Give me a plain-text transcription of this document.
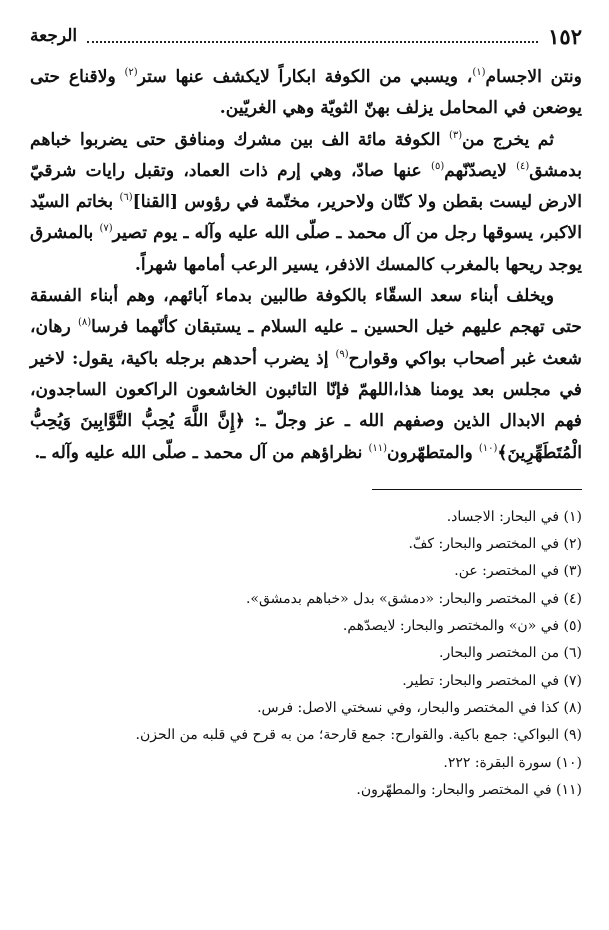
١٥٢
الرجعة

ونتن الاجسام$^{(١)}$، ويسبي من الكوفة ابكاراً لايكشف عنها ستر$^{(٢)}$ ولاقناع حتى يوضعن في المحامل يزلف بهنّ الثويّة وهي الغريّين.

ثم يخرج من$^{(٣)}$ الكوفة مائة الف بين مشرك ومنافق حتى يضربوا خباهم بدمشق$^{(٤)}$ لايصدّنّهم$^{(٥)}$ عنها صادّ، وهي إرم ذات العماد، وتقبل رايات شرقيّ الارض ليست بقطن ولا كتّان ولاحرير، مختّمة في رؤوس [القنا]$^{(٦)}$ بخاتم السيّد الاكبر، يسوقها رجل من آل محمد ـ صلّى الله عليه وآله ـ يوم تصير$^{(٧)}$ بالمشرق يوجد ريحها بالمغرب كالمسك الاذفر، يسير الرعب أمامها شهراً.

ويخلف أبناء سعد السقّاء بالكوفة طالبين بدماء آبائهم، وهم أبناء الفسقة حتى تهجم عليهم خيل الحسين ـ عليه السلام ـ يستبقان كأنّهما فرسا$^{(٨)}$ رهان، شعث غبر أصحاب بواكي وقوارح$^{(٩)}$ إذ يضرب أحدهم برجله باكية، يقول: لاخير في مجلس بعد يومنا هذا،اللهمّ فإنّا التائبون الخاشعون الراكعون الساجدون، فهم الابدال الذين وصفهم الله ـ عز وجلّ ـ: ﴿إِنَّ اللَّهَ يُحِبُّ التَّوَّابِينَ وَيُحِبُّ الْمُتَطَهِّرِينَ﴾$^{(١٠)}$ والمتطهّرون$^{(١١)}$ نظراؤهم من آل محمد ـ صلّى الله عليه وآله ـ.

(١) في البحار: الاجساد.

(٢) في المختصر والبحار: كفّ.

(٣) في المختصر: عن.

(٤) في المختصر والبحار: «دمشق» بدل «خباهم بدمشق».

(٥) في «ن» والمختصر والبحار: لايصدّهم.

(٦) من المختصر والبحار.

(٧) في المختصر والبحار: تطير.

(٨) كذا في المختصر والبحار، وفي نسختي الاصل: فرس.

(٩) البواكي: جمع باكية. والقوارح: جمع قارحة؛ من به قرح في قلبه من الحزن.

(١٠) سورة البقرة: ٢٢٢.

(١١) في المختصر والبحار: والمطهّرون.
